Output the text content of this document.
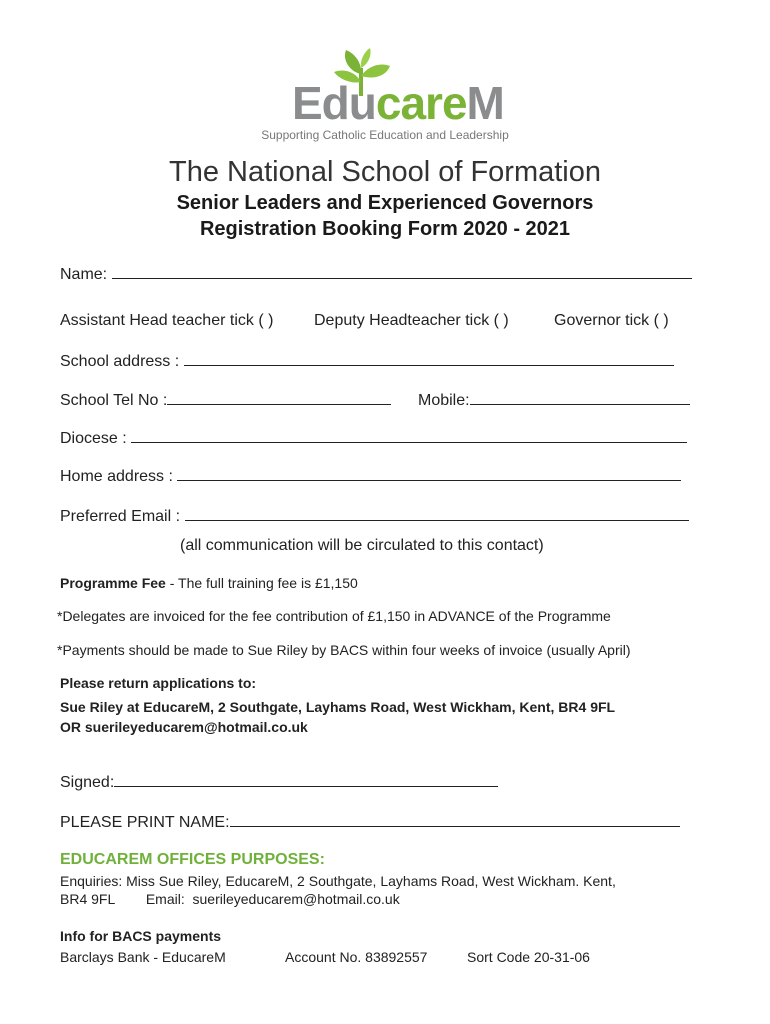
EducareM
Supporting Catholic Education and Leadership
The National School of Formation
Senior Leaders and Experienced Governors
Registration Booking Form 2020 - 2021
Name:
Assistant Head teacher tick ( )	Deputy Headteacher tick ( )	Governor tick ( )
School address :
School Tel No :	Mobile:
Diocese :
Home address :
Preferred Email :
(all communication will be circulated to this contact)
Programme Fee - The full training fee is £1,150
*Delegates are invoiced for the fee contribution of £1,150 in ADVANCE of the Programme
*Payments should be made to Sue Riley by BACS within four weeks of invoice (usually April)
Please return applications to:
Sue Riley at EducareM, 2 Southgate, Layhams Road, West Wickham, Kent, BR4 9FL
OR suerileyeducarem@hotmail.co.uk
Signed:
PLEASE PRINT NAME:
EDUCAREM OFFICES PURPOSES:
Enquiries: Miss Sue Riley, EducareM, 2 Southgate, Layhams Road, West Wickham. Kent,
BR4 9FL        Email:  suerileyeducarem@hotmail.co.uk
Info for BACS payments
Barclays Bank - EducareM	Account No. 83892557	Sort Code 20-31-06
